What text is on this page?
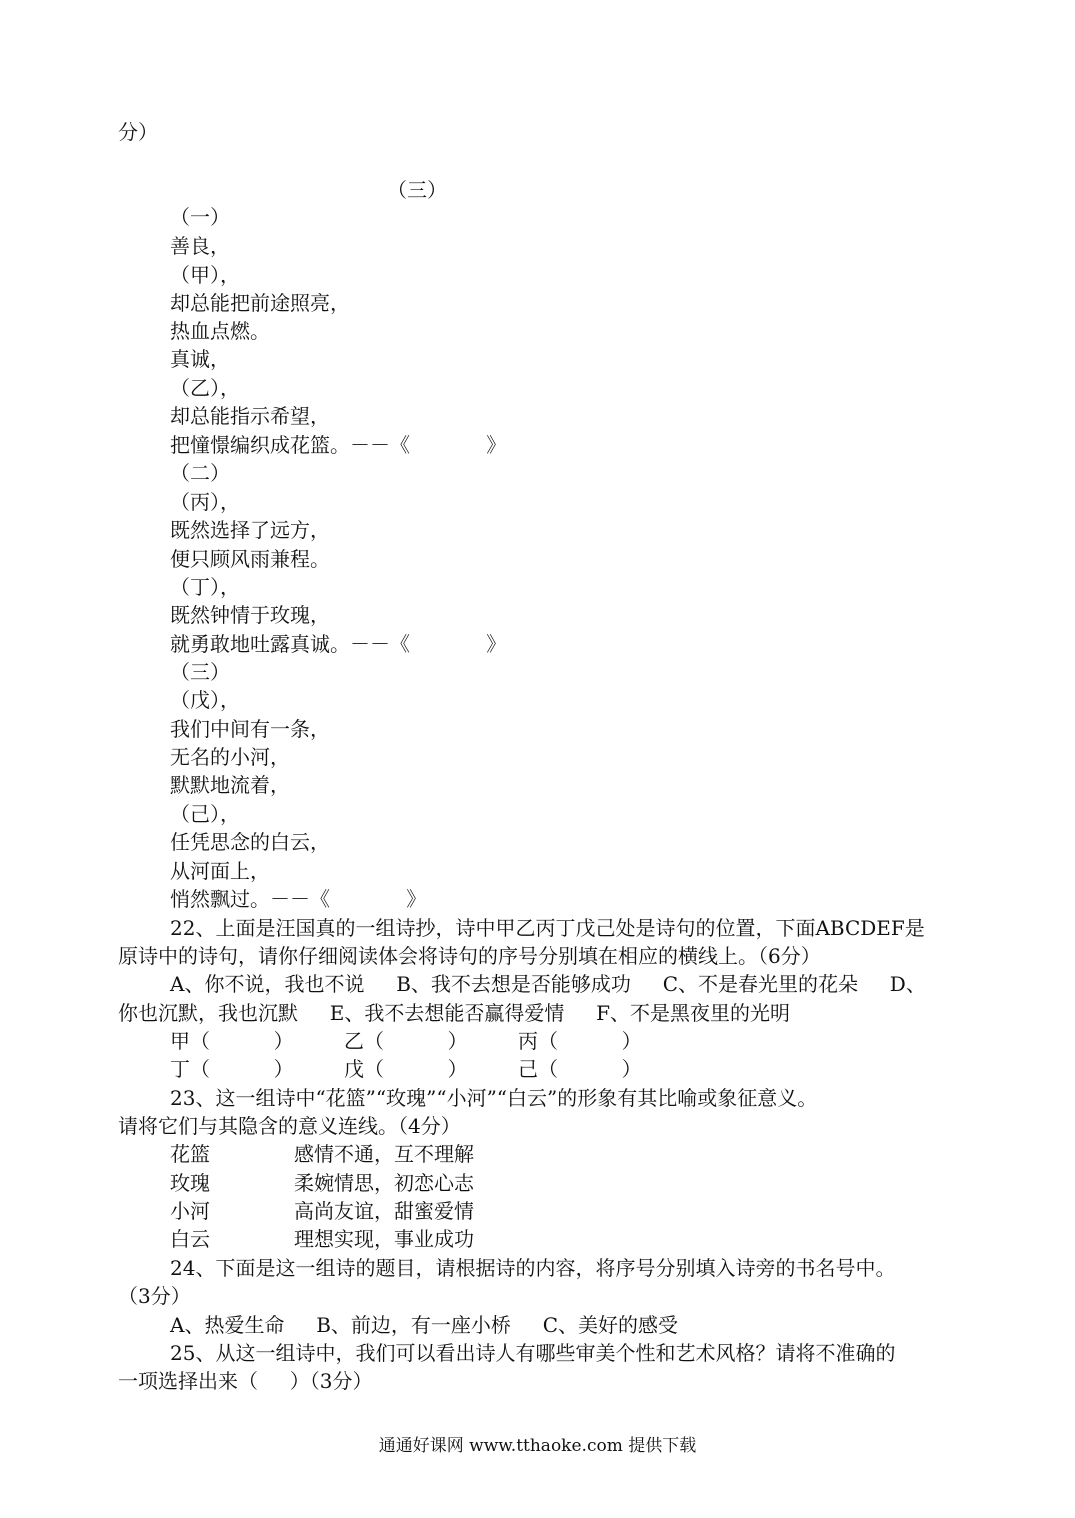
分）

（三）

（一）

善良，

（甲），

却总能把前途照亮，

热血点燃。

真诚，

（乙），

却总能指示希望，

把憧憬编织成花篮。－－《            》

（二）

（丙），

既然选择了远方，

便只顾风雨兼程。

（丁），

既然钟情于玫瑰，

就勇敢地吐露真诚。－－《            》

（三）

（戊），

我们中间有一条，

无名的小河，

默默地流着，

（己），

任凭思念的白云，

从河面上，

悄然飘过。－－《            》

22、上面是汪国真的一组诗抄，诗中甲乙丙丁戊己处是诗句的位置，下面ABCDEF是

原诗中的诗句，请你仔细阅读体会将诗句的序号分别填在相应的横线上。（6分）

A、你不说，我也不说     B、我不去想是否能够成功     C、不是春光里的花朵     D、

你也沉默，我也沉默     E、我不去想能否赢得爱情     F、不是黑夜里的光明

甲（          ）	乙（          ）	丙（          ）

丁（          ）	戊（          ）	己（          ）

23、这一组诗中“花篮”“玫瑰”“小河”“白云”的形象有其比喻或象征意义。

请将它们与其隐含的意义连线。（4分）

花篮	感情不通，互不理解

玫瑰	柔婉情思，初恋心志

小河	高尚友谊，甜蜜爱情

白云	理想实现，事业成功

24、下面是这一组诗的题目，请根据诗的内容，将序号分别填入诗旁的书名号中。

（3分）

A、热爱生命     B、前边，有一座小桥     C、美好的感受

25、从这一组诗中，我们可以看出诗人有哪些审美个性和艺术风格？请将不准确的

一项选择出来（     ）（3分）

通通好课网 www.tthaoke.com 提供下载
